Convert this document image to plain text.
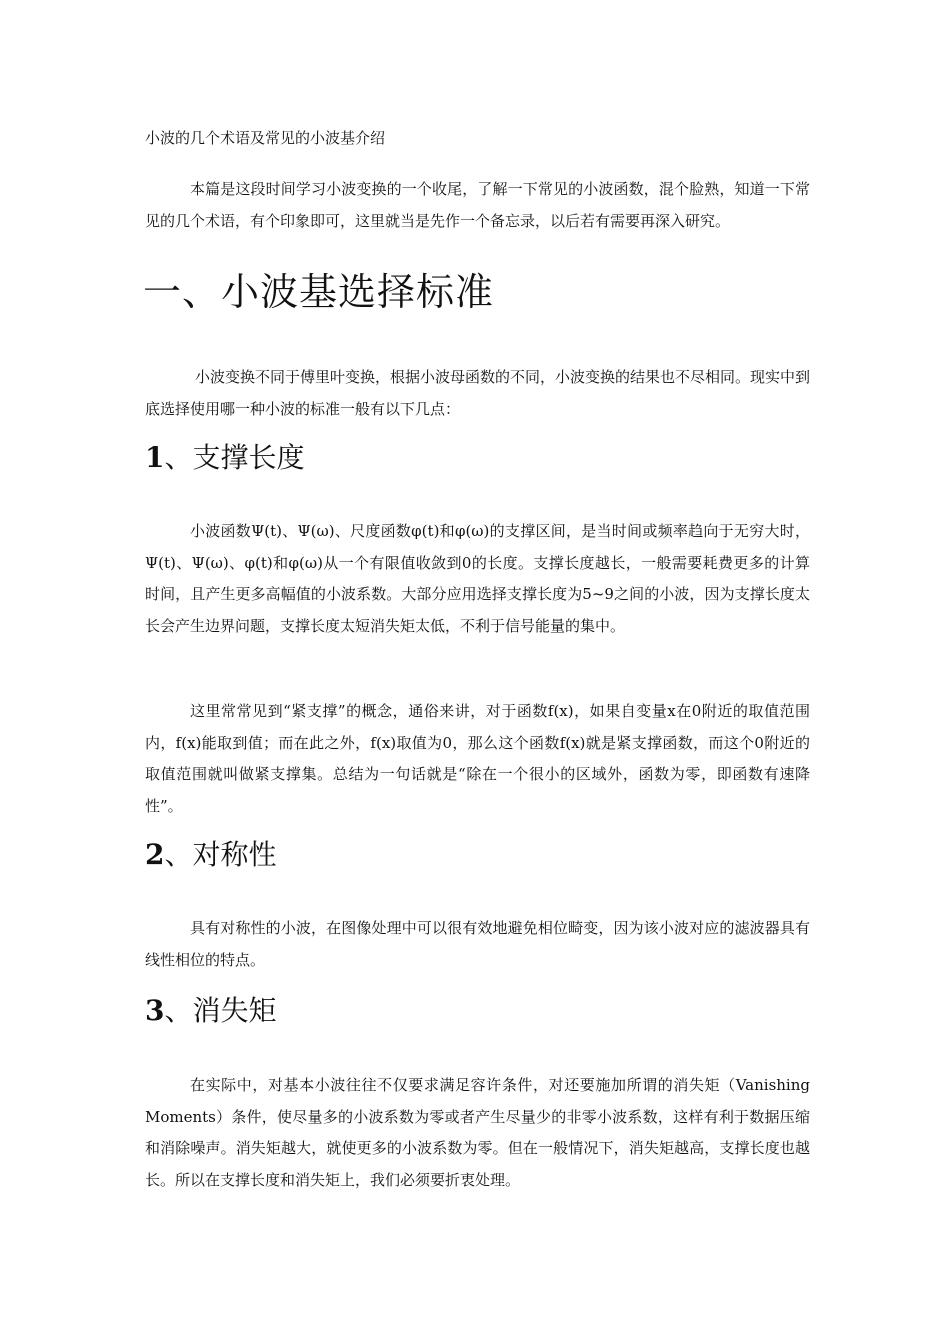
小波的几个术语及常见的小波基介绍

本篇是这段时间学习小波变换的一个收尾，了解一下常见的小波函数，混个脸熟，知道一下常见的几个术语，有个印象即可，这里就当是先作一个备忘录，以后若有需要再深入研究。

一、小波基选择标准

小波变换不同于傅里叶变换，根据小波母函数的不同，小波变换的结果也不尽相同。现实中到底选择使用哪一种小波的标准一般有以下几点：

1、支撑长度

小波函数Ψ(t)、Ψ(ω)、尺度函数φ(t)和φ(ω)的支撑区间，是当时间或频率趋向于无穷大时，Ψ(t)、Ψ(ω)、φ(t)和φ(ω)从一个有限值收敛到0的长度。支撑长度越长，一般需要耗费更多的计算时间，且产生更多高幅值的小波系数。大部分应用选择支撑长度为5~9之间的小波，因为支撑长度太长会产生边界问题，支撑长度太短消失矩太低，不利于信号能量的集中。

这里常常见到“紧支撑”的概念，通俗来讲，对于函数f(x)，如果自变量x在0附近的取值范围内，f(x)能取到值；而在此之外，f(x)取值为0，那么这个函数f(x)就是紧支撑函数，而这个0附近的取值范围就叫做紧支撑集。总结为一句话就是“除在一个很小的区域外，函数为零，即函数有速降性”。

2、对称性

具有对称性的小波，在图像处理中可以很有效地避免相位畸变，因为该小波对应的滤波器具有线性相位的特点。

3、消失矩

在实际中，对基本小波往往不仅要求满足容许条件，对还要施加所谓的消失矩（Vanishing Moments）条件，使尽量多的小波系数为零或者产生尽量少的非零小波系数，这样有利于数据压缩和消除噪声。消失矩越大，就使更多的小波系数为零。但在一般情况下，消失矩越高，支撑长度也越长。所以在支撑长度和消失矩上，我们必须要折衷处理。
